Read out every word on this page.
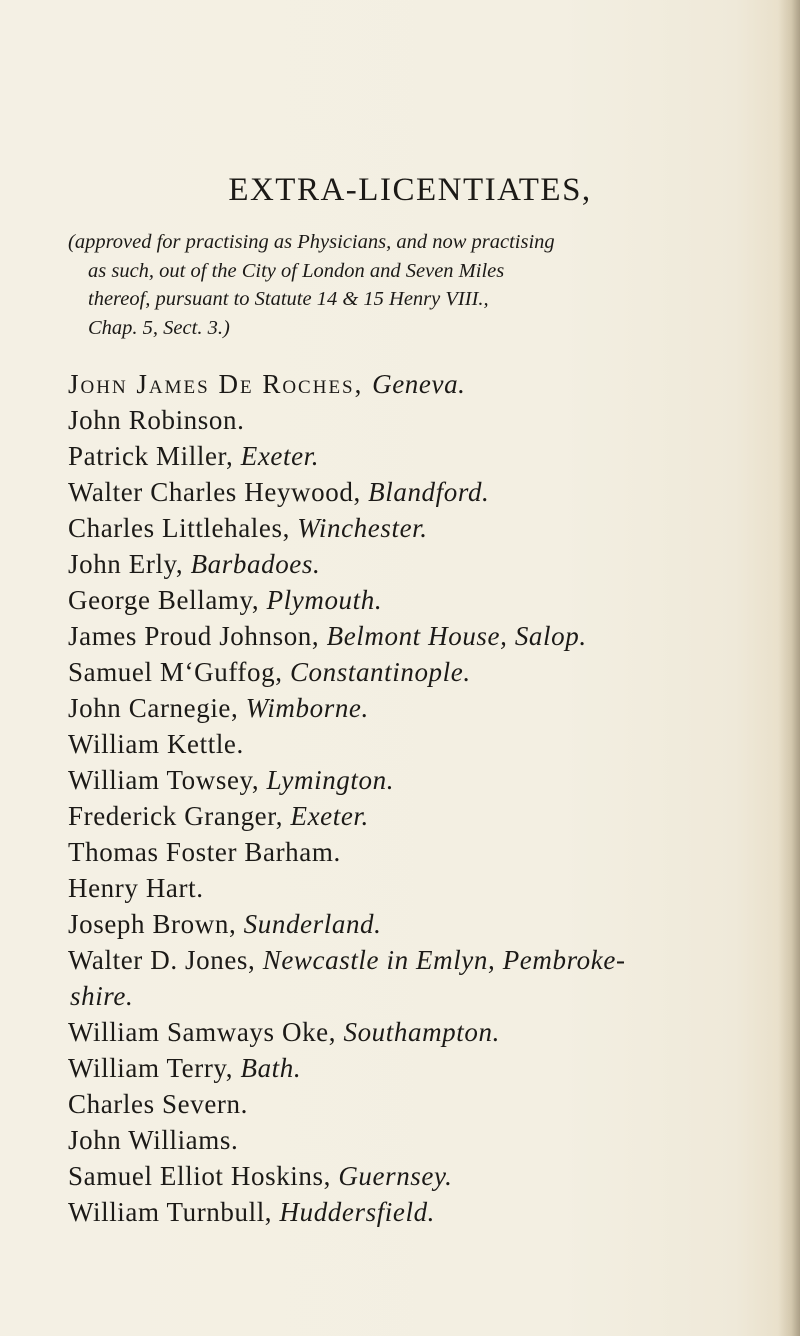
EXTRA-LICENTIATES,

(approved for practising as Physicians, and now practising
as such, out of the City of London and Seven Miles
thereof, pursuant to Statute 14 & 15 Henry VIII.,
Chap. 5, Sect. 3.)

John James De Roches, Geneva.
John Robinson.
Patrick Miller, Exeter.
Walter Charles Heywood, Blandford.
Charles Littlehales, Winchester.
John Erly, Barbadoes.
George Bellamy, Plymouth.
James Proud Johnson, Belmont House, Salop.
Samuel M‘Guffog, Constantinople.
John Carnegie, Wimborne.
William Kettle.
William Towsey, Lymington.
Frederick Granger, Exeter.
Thomas Foster Barham.
Henry Hart.
Joseph Brown, Sunderland.
Walter D. Jones, Newcastle in Emlyn, Pembroke-
shire.
William Samways Oke, Southampton.
William Terry, Bath.
Charles Severn.
John Williams.
Samuel Elliot Hoskins, Guernsey.
William Turnbull, Huddersfield.
